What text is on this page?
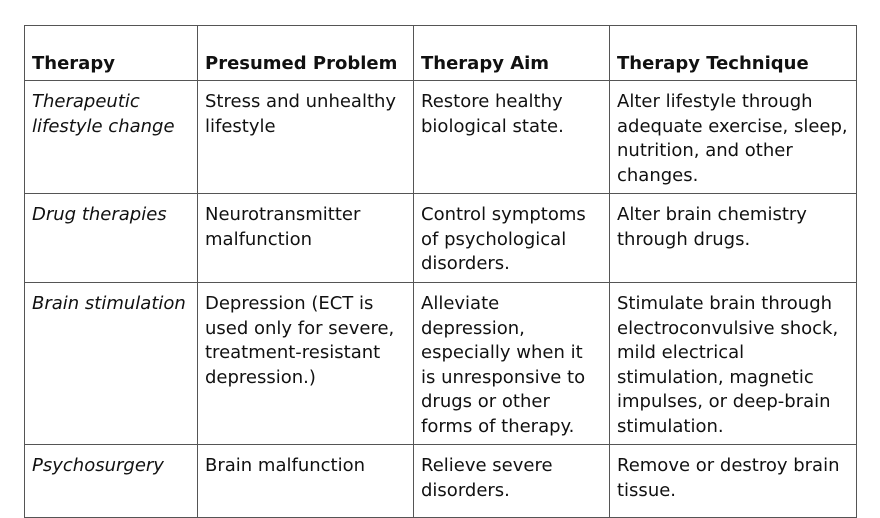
Therapy	Presumed Problem	Therapy Aim	Therapy Technique
Therapeutic lifestyle change	Stress and unhealthy lifestyle	Restore healthy biological state.	Alter lifestyle through adequate exercise, sleep, nutrition, and other changes.
Drug therapies	Neurotransmitter malfunction	Control symptoms of psychological disorders.	Alter brain chemistry through drugs.
Brain stimulation	Depression (ECT is used only for severe, treatment-resistant depression.)	Alleviate depression, especially when it is unresponsive to drugs or other forms of therapy.	Stimulate brain through electroconvulsive shock, mild electrical stimulation, magnetic impulses, or deep-brain stimulation.
Psychosurgery	Brain malfunction	Relieve severe disorders.	Remove or destroy brain tissue.
